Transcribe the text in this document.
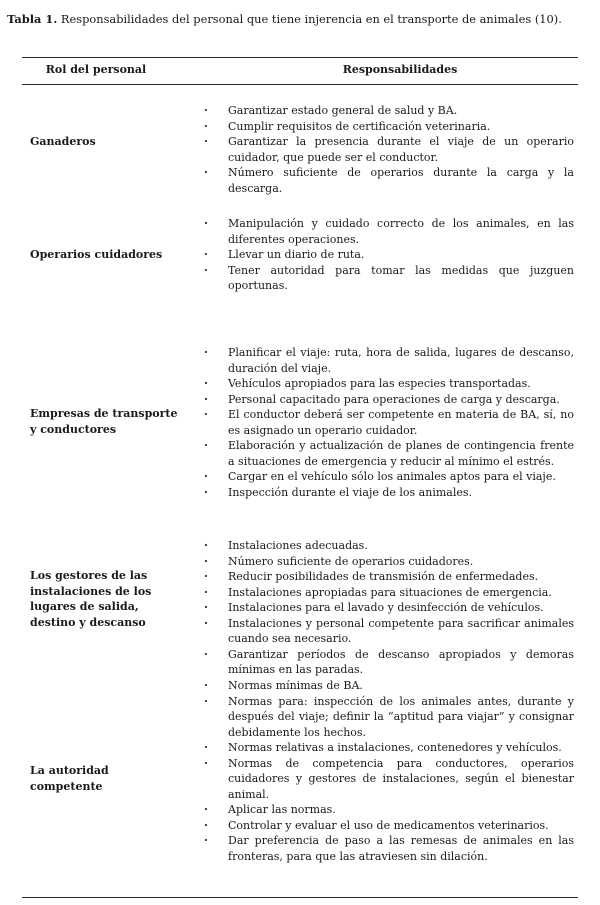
Tabla 1. Responsabilidades del personal que tiene injerencia en el transporte de animales (10).
Rol del personal	Responsabilidades
Ganaderos
· Garantizar estado general de salud y BA.
· Cumplir requisitos de certificación veterinaria.
· Garantizar la presencia durante el viaje de un operario cuidador, que puede ser el conductor.
· Número suficiente de operarios durante la carga y la descarga.
Operarios cuidadores
· Manipulación y cuidado correcto de los animales, en las diferentes operaciones.
· Llevar un diario de ruta.
· Tener autoridad para tomar las medidas que juzguen oportunas.
Empresas de transporte y conductores
· Planificar el viaje: ruta, hora de salida, lugares de descanso, duración del viaje.
· Vehículos apropiados para las especies transportadas.
· Personal capacitado para operaciones de carga y descarga.
· El conductor deberá ser competente en materia de BA, sí, no es asignado un operario cuidador.
· Elaboración y actualización de planes de contingencia frente a situaciones de emergencia y reducir al mínimo el estrés.
· Cargar en el vehículo sólo los animales aptos para el viaje.
· Inspección durante el viaje de los animales.
Los gestores de las instalaciones de los lugares de salida, destino y descanso
· Instalaciones adecuadas.
· Número suficiente de operarios cuidadores.
· Reducir posibilidades de transmisión de enfermedades.
· Instalaciones apropiadas para situaciones de emergencia.
· Instalaciones para el lavado y desinfección de vehículos.
· Instalaciones y personal competente para sacrificar animales cuando sea necesario.
· Garantizar períodos de descanso apropiados y demoras mínimas en las paradas.
La autoridad competente
· Normas mínimas de BA.
· Normas para: inspección de los animales antes, durante y después del viaje; definir la “aptitud para viajar” y consignar debidamente los hechos.
· Normas relativas a instalaciones, contenedores y vehículos.
· Normas de competencia para conductores, operarios cuidadores y gestores de instalaciones, según el bienestar animal.
· Aplicar las normas.
· Controlar y evaluar el uso de medicamentos veterinarios.
· Dar preferencia de paso a las remesas de animales en las fronteras, para que las atraviesen sin dilación.
